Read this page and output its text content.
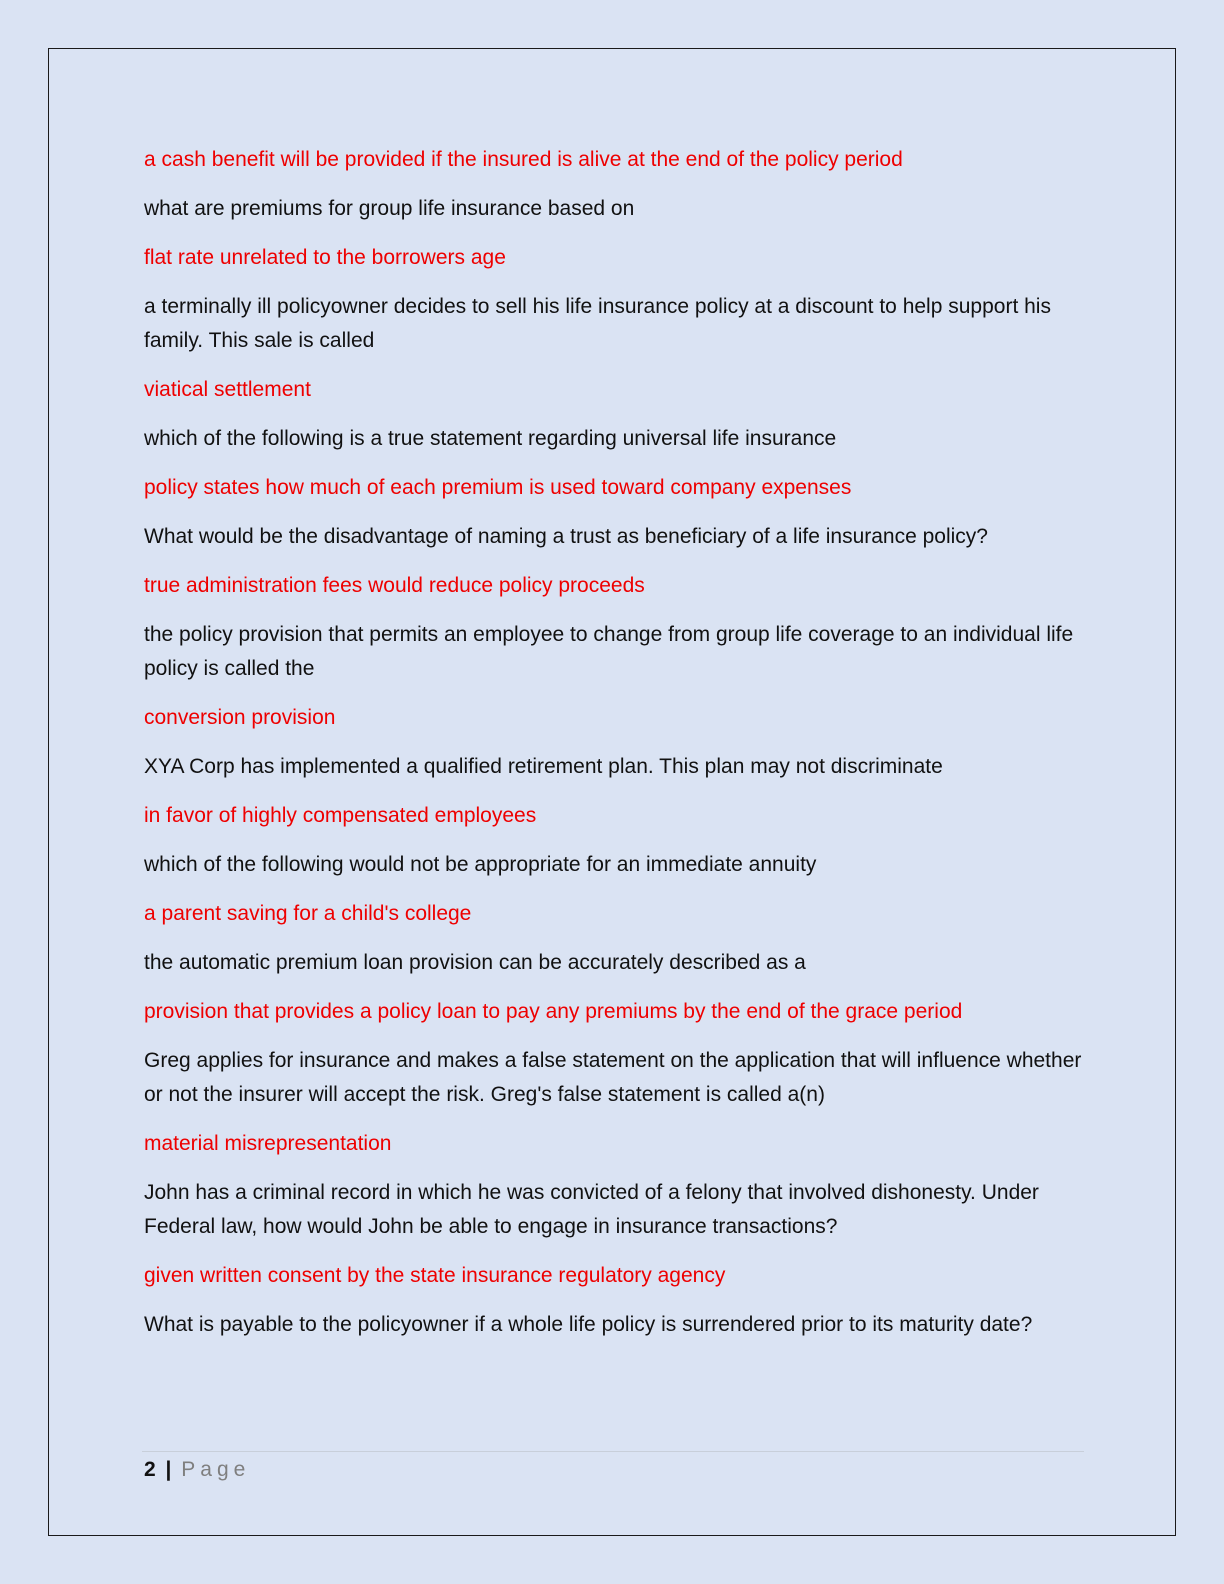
a cash benefit will be provided if the insured is alive at the end of the policy period

what are premiums for group life insurance based on

flat rate unrelated to the borrowers age

a terminally ill policyowner decides to sell his life insurance policy at a discount to help support his family. This sale is called

viatical settlement

which of the following is a true statement regarding universal life insurance

policy states how much of each premium is used toward company expenses

What would be the disadvantage of naming a trust as beneficiary of a life insurance policy?

true administration fees would reduce policy proceeds

the policy provision that permits an employee to change from group life coverage to an individual life policy is called the

conversion provision

XYA Corp has implemented a qualified retirement plan. This plan may not discriminate

in favor of highly compensated employees

which of the following would not be appropriate for an immediate annuity

a parent saving for a child's college

the automatic premium loan provision can be accurately described as a

provision that provides a policy loan to pay any premiums by the end of the grace period

Greg applies for insurance and makes a false statement on the application that will influence whether or not the insurer will accept the risk. Greg's false statement is called a(n)

material misrepresentation

John has a criminal record in which he was convicted of a felony that involved dishonesty. Under Federal law, how would John be able to engage in insurance transactions?

given written consent by the state insurance regulatory agency

What is payable to the policyowner if a whole life policy is surrendered prior to its maturity date?

2 | Page
